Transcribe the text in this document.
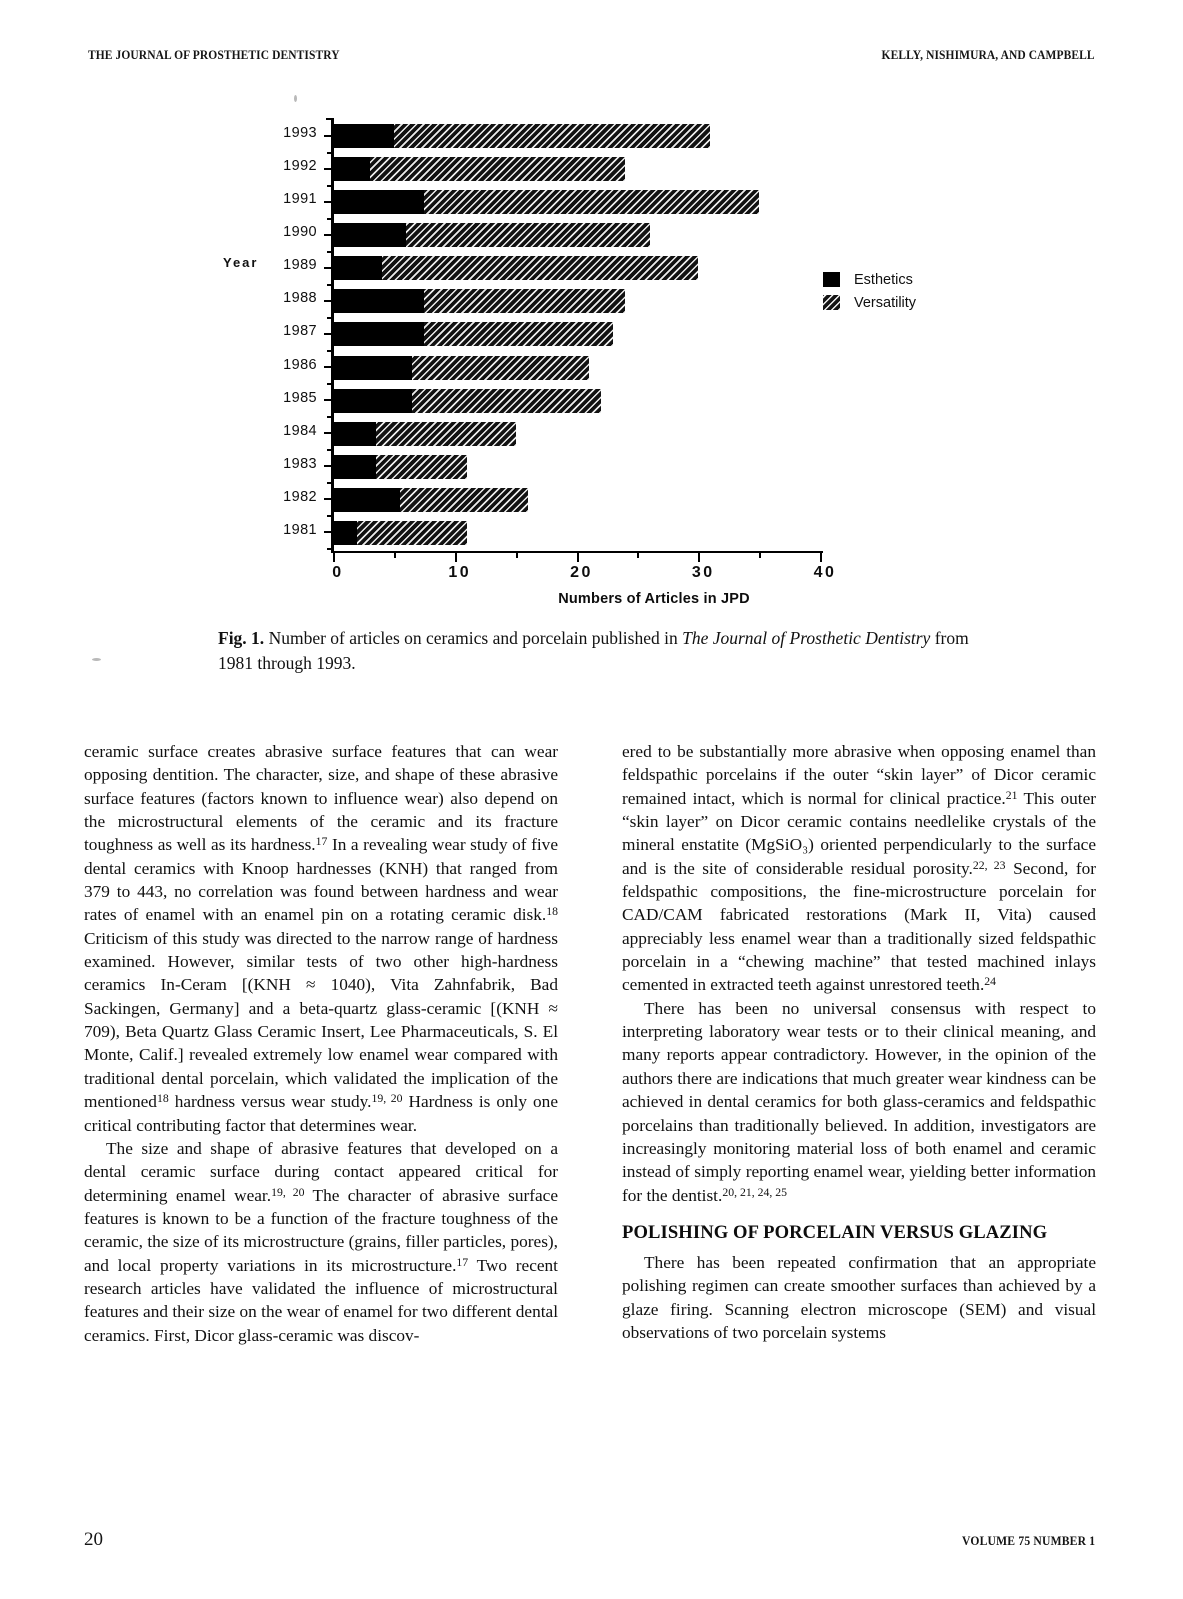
THE JOURNAL OF PROSTHETIC DENTISTRY	KELLY, NISHIMURA, AND CAMPBELL
Year
1993
1992
1991
1990
1989
1988
1987
1986
1985
1984
1983
1982
1981
0	10	20	30	40
Esthetics
Versatility
Numbers of Articles in JPD
Fig. 1. Number of articles on ceramics and porcelain published in The Journal of Prosthetic Dentistry from 1981 through 1993.

ceramic surface creates abrasive surface features that can wear opposing dentition. The character, size, and shape of these abrasive surface features (factors known to influence wear) also depend on the microstructural elements of the ceramic and its fracture toughness as well as its hardness.$^{17}$ In a revealing wear study of five dental ceramics with Knoop hardnesses (KNH) that ranged from 379 to 443, no correlation was found between hardness and wear rates of enamel with an enamel pin on a rotating ceramic disk.$^{18}$ Criticism of this study was directed to the narrow range of hardness examined. However, similar tests of two other high-hardness ceramics In-Ceram [(KNH ≈ 1040), Vita Zahnfabrik, Bad Sackingen, Germany] and a beta-quartz glass-ceramic [(KNH ≈ 709), Beta Quartz Glass Ceramic Insert, Lee Pharmaceuticals, S. El Monte, Calif.] revealed extremely low enamel wear compared with traditional dental porcelain, which validated the implication of the mentioned$^{18}$ hardness versus wear study.$^{19, 20}$ Hardness is only one critical contributing factor that determines wear.

The size and shape of abrasive features that developed on a dental ceramic surface during contact appeared critical for determining enamel wear.$^{19, 20}$ The character of abrasive surface features is known to be a function of the fracture toughness of the ceramic, the size of its microstructure (grains, filler particles, pores), and local property variations in its microstructure.$^{17}$ Two recent research articles have validated the influence of microstructural features and their size on the wear of enamel for two different dental ceramics. First, Dicor glass-ceramic was discov-

ered to be substantially more abrasive when opposing enamel than feldspathic porcelains if the outer “skin layer” of Dicor ceramic remained intact, which is normal for clinical practice.$^{21}$ This outer “skin layer” on Dicor ceramic contains needlelike crystals of the mineral enstatite (MgSiO₃) oriented perpendicularly to the surface and is the site of considerable residual porosity.$^{22, 23}$ Second, for feldspathic compositions, the fine-microstructure porcelain for CAD/CAM fabricated restorations (Mark II, Vita) caused appreciably less enamel wear than a traditionally sized feldspathic porcelain in a “chewing machine” that tested machined inlays cemented in extracted teeth against unrestored teeth.$^{24}$

There has been no universal consensus with respect to interpreting laboratory wear tests or to their clinical meaning, and many reports appear contradictory. However, in the opinion of the authors there are indications that much greater wear kindness can be achieved in dental ceramics for both glass-ceramics and feldspathic porcelains than traditionally believed. In addition, investigators are increasingly monitoring material loss of both enamel and ceramic instead of simply reporting enamel wear, yielding better information for the dentist.$^{20, 21, 24, 25}$

POLISHING OF PORCELAIN VERSUS GLAZING

There has been repeated confirmation that an appropriate polishing regimen can create smoother surfaces than achieved by a glaze firing. Scanning electron microscope (SEM) and visual observations of two porcelain systems

20	VOLUME 75 NUMBER 1
